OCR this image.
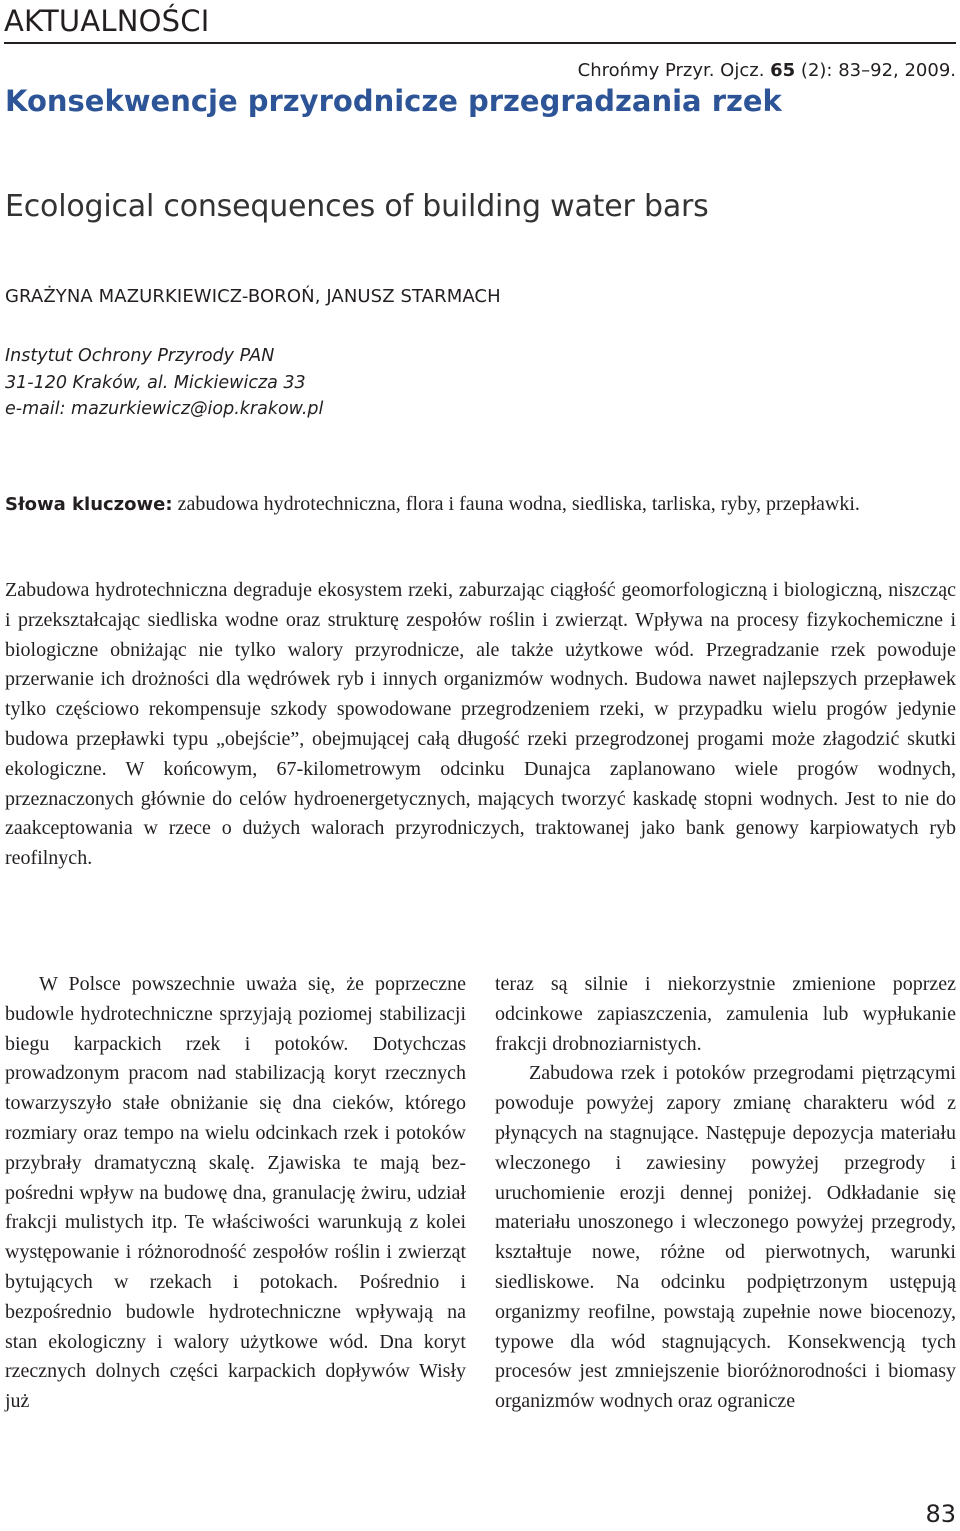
AKTUALNOŚCI
Chrońmy Przyr. Ojcz. 65 (2): 83–92, 2009.
Konsekwencje przyrodnicze przegradzania rzek
Ecological consequences of building water bars
GRAŻYNA MAZURKIEWICZ-BOROŃ, JANUSZ STARMACH
Instytut Ochrony Przyrody PAN
31-120 Kraków, al. Mickiewicza 33
e-mail: mazurkiewicz@iop.krakow.pl
Słowa kluczowe: zabudowa hydrotechniczna, flora i fauna wodna, siedliska, tarliska, ryby, przepławki.
Zabudowa hydrotechniczna degraduje ekosystem rzeki, zaburzając ciągłość geomorfologiczną i biologiczną, niszcząc i przekształcając siedliska wodne oraz strukturę zespołów roślin i zwierząt. Wpływa na procesy fizykochemiczne i biologiczne obniżając nie tylko walory przyrodnicze, ale także użytkowe wód. Przegradzanie rzek powoduje przerwanie ich drożności dla wędrówek ryb i innych organizmów wodnych. Budowa nawet najlepszych przepławek tylko częściowo rekompensuje szkody spowodowane przegrodzeniem rzeki, w przypadku wielu progów jedynie budowa przepławki typu „obejście”, obejmującej całą długość rzeki przegrodzonej progami może złagodzić skutki ekologiczne. W końcowym, 67-kilometrowym odcinku Dunajca zaplanowano wiele progów wodnych, przeznaczonych głównie do celów hydroenergetycznych, mających tworzyć kaskadę stopni wodnych. Jest to nie do zaakceptowania w rzece o dużych walorach przyrodniczych, traktowanej jako bank genowy karpiowatych ryb reofilnych.

W Polsce powszechnie uważa się, że poprzeczne budowle hydrotechniczne sprzyjają poziomej stabilizacji biegu karpackich rzek i potoków. Dotychczas prowadzonym pracom nad stabilizacją koryt rzecznych towarzyszyło stałe obniżanie się dna cieków, którego rozmiary oraz tempo na wielu odcinkach rzek i potoków przybrały dramatyczną skalę. Zjawiska te mają bezpośredni wpływ na budowę dna, granulację żwiru, udział frakcji mulistych itp. Te właściwości warunkują z kolei występowanie i różnorodność zespołów roślin i zwierząt bytujących w rzekach i potokach. Pośrednio i bezpośrednio budowle hydrotechniczne wpływają na stan ekologiczny i walory użytkowe wód. Dna koryt rzecznych dolnych części karpackich dopływów Wisły już

teraz są silnie i niekorzystnie zmienione poprzez odcinkowe zapiaszczenia, zamulenia lub wypłukanie frakcji drobnoziarnistych.

Zabudowa rzek i potoków przegrodami piętrzącymi powoduje powyżej zapory zmianę charakteru wód z płynących na stagnujące. Następuje depozycja materiału wleczonego i zawiesiny powyżej przegrody i uruchomienie erozji dennej poniżej. Odkładanie się materiału unoszonego i wleczonego powyżej przegrody, kształtuje nowe, różne od pierwotnych, warunki siedliskowe. Na odcinku podpiętrzonym ustępują organizmy reofilne, powstają zupełnie nowe biocenozy, typowe dla wód stagnujących. Konsekwencją tych procesów jest zmniejszenie bioróżnorodności i biomasy organizmów wodnych oraz ogranicze

83
